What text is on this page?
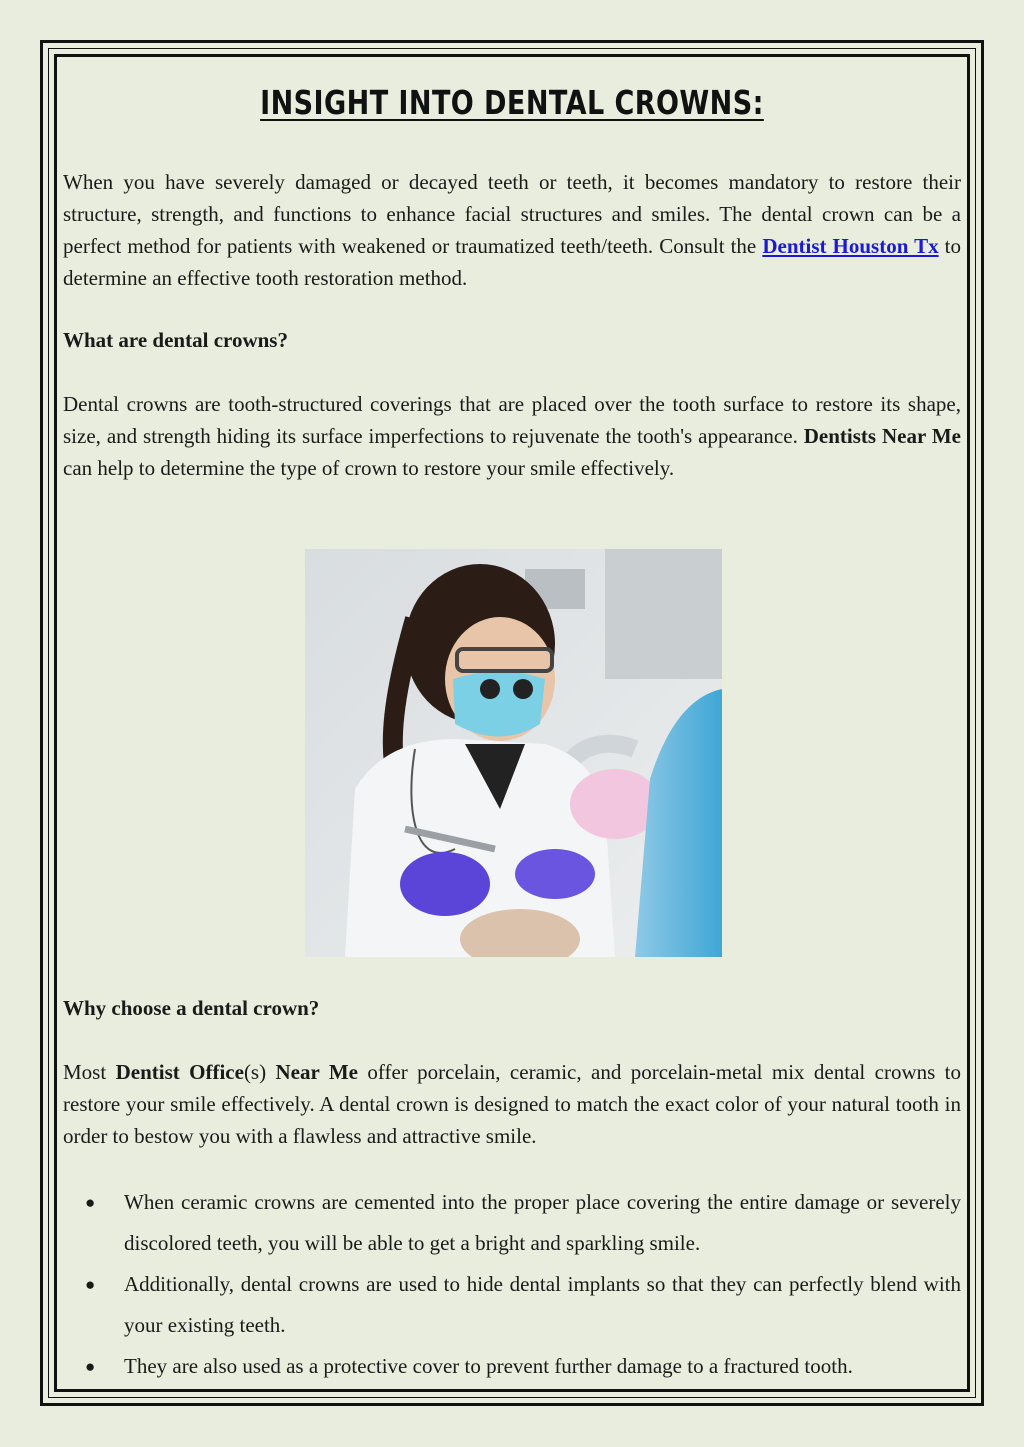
INSIGHT INTO DENTAL CROWNS:

When you have severely damaged or decayed teeth or teeth, it becomes mandatory to restore their structure, strength, and functions to enhance facial structures and smiles. The dental crown can be a perfect method for patients with weakened or traumatized teeth/teeth. Consult the Dentist Houston Tx to determine an effective tooth restoration method.

What are dental crowns?

Dental crowns are tooth-structured coverings that are placed over the tooth surface to restore its shape, size, and strength hiding its surface imperfections to rejuvenate the tooth's appearance. Dentists Near Me can help to determine the type of crown to restore your smile effectively.

Why choose a dental crown?

Most Dentist Office(s) Near Me offer porcelain, ceramic, and porcelain-metal mix dental crowns to restore your smile effectively. A dental crown is designed to match the exact color of your natural tooth in order to bestow you with a flawless and attractive smile.

● When ceramic crowns are cemented into the proper place covering the entire damage or severely discolored teeth, you will be able to get a bright and sparkling smile.
● Additionally, dental crowns are used to hide dental implants so that they can perfectly blend with your existing teeth.
● They are also used as a protective cover to prevent further damage to a fractured tooth.
